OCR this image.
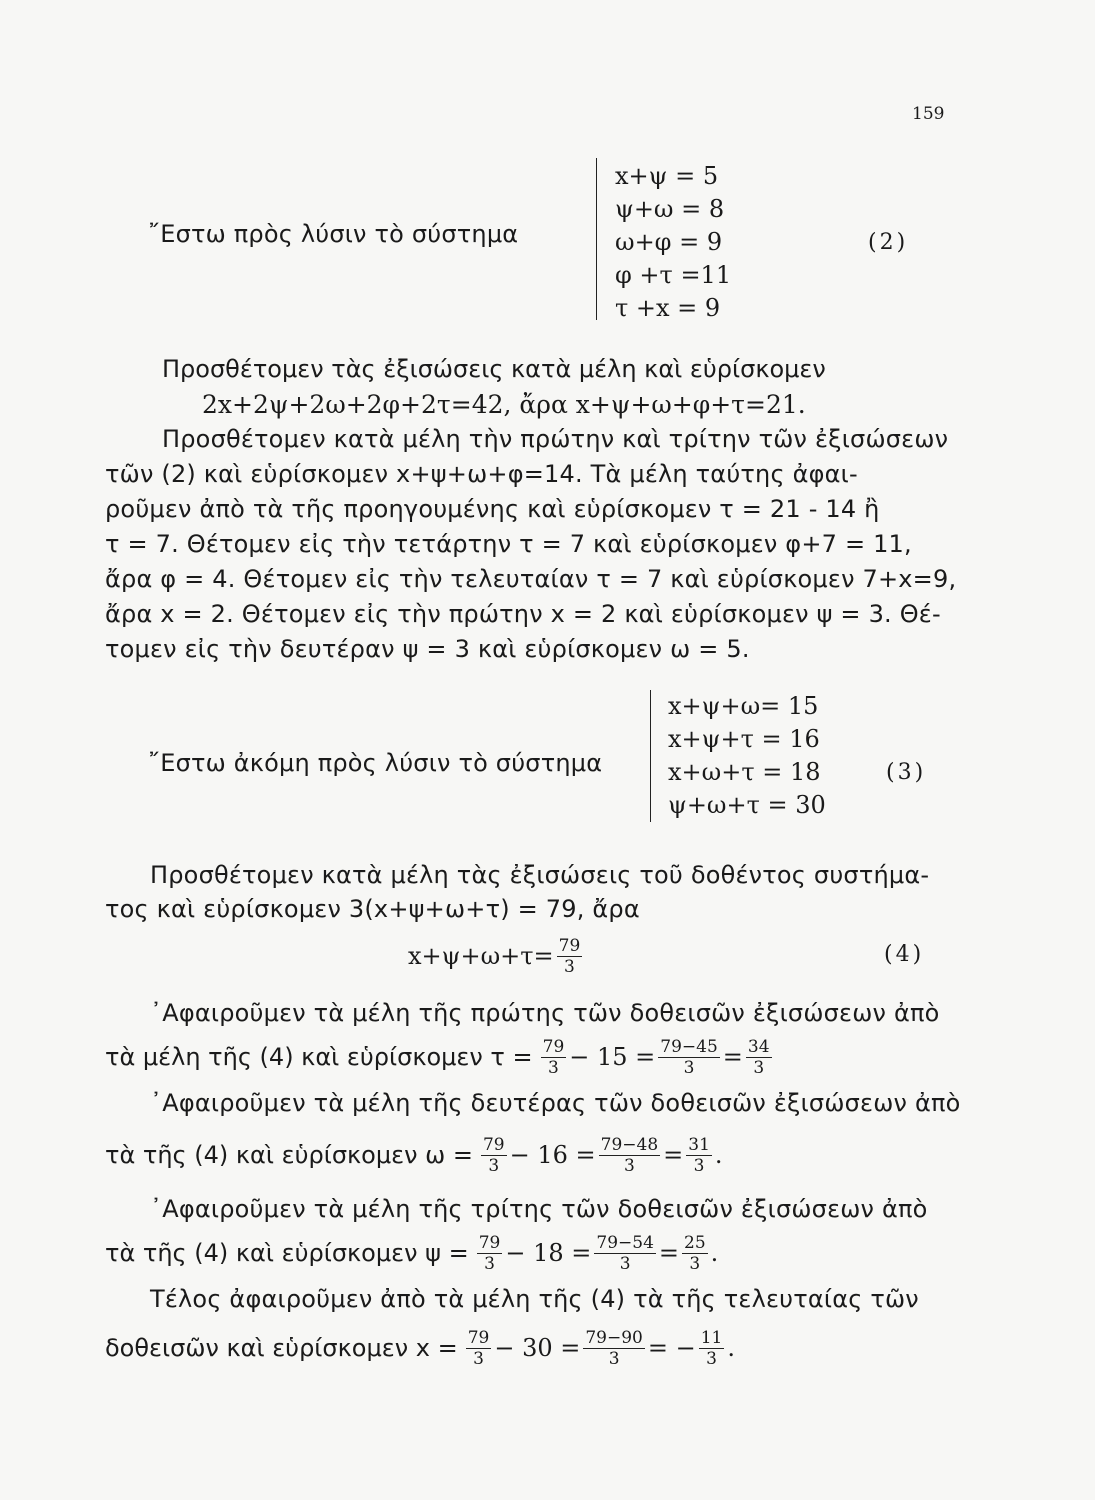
159
῎Εστω πρὸς λύσιν τὸ σύστημα
x+ψ = 5
ψ+ω = 8
ω+φ = 9
φ +τ =11
τ +x = 9
(2)
Προσθέτομεν τὰς ἐξισώσεις κατὰ μέλη καὶ εὑρίσκομεν
2x+2ψ+2ω+2φ+2τ=42, ἄρα x+ψ+ω+φ+τ=21.
Προσθέτομεν κατὰ μέλη τὴν πρώτην καὶ τρίτην τῶν ἐξισώσεων
τῶν (2) καὶ εὑρίσκομεν x+ψ+ω+φ=14. Τὰ μέλη ταύτης ἀφαι-
ροῦμεν ἀπὸ τὰ τῆς προηγουμένης καὶ εὑρίσκομεν τ = 21 - 14 ἢ
τ = 7. Θέτομεν εἰς τὴν τετάρτην τ = 7 καὶ εὑρίσκομεν φ+7 = 11,
ἄρα φ = 4. Θέτομεν εἰς τὴν τελευταίαν τ = 7 καὶ εὑρίσκομεν 7+x=9,
ἄρα x = 2. Θέτομεν εἰς τὴν πρώτην x = 2 καὶ εὑρίσκομεν ψ = 3. Θέ-
τομεν εἰς τὴν δευτέραν ψ = 3 καὶ εὑρίσκομεν ω = 5.
῎Εστω ἀκόμη πρὸς λύσιν τὸ σύστημα
x+ψ+ω= 15
x+ψ+τ = 16
x+ω+τ = 18
ψ+ω+τ = 30
(3)
Προσθέτομεν κατὰ μέλη τὰς ἐξισώσεις τοῦ δοθέντος συστήμα-
τος καὶ εὑρίσκομεν 3(x+ψ+ω+τ) = 79, ἄρα
$x+\psi+\omega+\tau= \frac{79}{3}$	(4)
᾿Αφαιροῦμεν τὰ μέλη τῆς πρώτης τῶν δοθεισῶν ἐξισώσεων ἀπὸ
τὰ μέλη τῆς (4) καὶ εὑρίσκομεν $\tau = \frac{79}{3} - 15 = \frac{79-45}{3} = \frac{34}{3}$
᾿Αφαιροῦμεν τὰ μέλη τῆς δευτέρας τῶν δοθεισῶν ἐξισώσεων ἀπὸ
τὰ τῆς (4) καὶ εὑρίσκομεν $\omega = \frac{79}{3} - 16 = \frac{79-48}{3} = \frac{31}{3}$ .
᾿Αφαιροῦμεν τὰ μέλη τῆς τρίτης τῶν δοθεισῶν ἐξισώσεων ἀπὸ
τὰ τῆς (4) καὶ εὑρίσκομεν $\psi = \frac{79}{3} - 18 = \frac{79-54}{3} = \frac{25}{3}$ .
Τέλος ἀφαιροῦμεν ἀπὸ τὰ μέλη τῆς (4) τὰ τῆς τελευταίας τῶν
δοθεισῶν καὶ εὑρίσκομεν $x = \frac{79}{3} - 30 = \frac{79-90}{3}$ = − $\frac{11}{3}$ .
